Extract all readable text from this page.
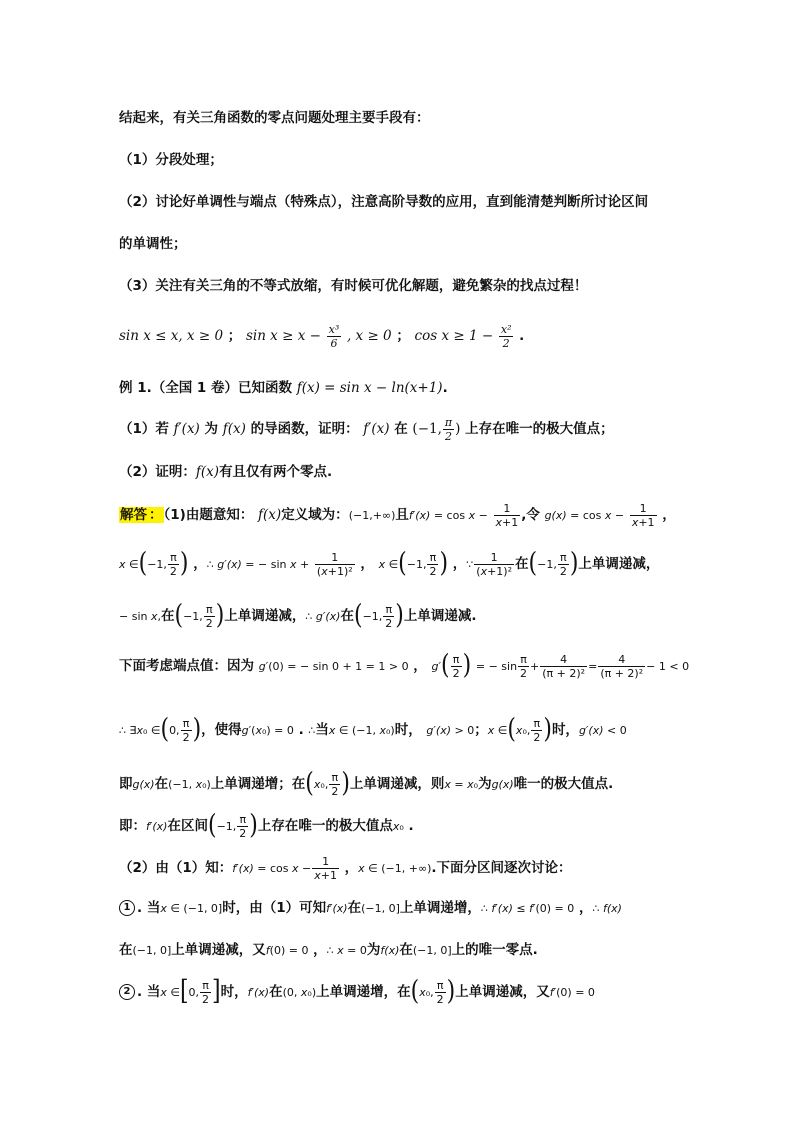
结起来，有关三角函数的零点问题处理主要手段有：
（1）分段处理；
（2）讨论好单调性与端点（特殊点），注意高阶导数的应用，直到能清楚判断所讨论区间
的单调性；
（3）关注有关三角的不等式放缩，有时候可优化解题，避免繁杂的找点过程！
sin x ≤ x, x ≥ 0 ； $\sin x \ge x - \frac{\text{x³}}{6}$ , x ≥ 0 ； $\cos x \ge 1 - \frac{\text{x²}}{2}$ .
例 1.（全国 1 卷）已知函数 f(x) = sin x − ln(x+1).
（1）若 f′(x) 为 f(x) 的导函数，证明： f′(x) 在 (−1, $\frac{\pi}{2}$ ) 上存在唯一的极大值点；
（2）证明：f(x)有且仅有两个零点.
解答 ：（1)由题意知： f(x)定义域为：(−1,+∞)且$f'(x) = \cos x - \frac{1}{x+1}$ ,令 $g(x) = \cos x - \frac{1}{x+1}$ ，
x ∈(−1, $\frac{\pi}{2}$ ) ，∴ g′(x) = − $\sin x + \frac{1}{\text{(x+1)²}}$ ， x ∈(−1, $\frac{\pi}{2}$ ) ，∵ $\frac{1}{\text{(x+1)²}}$ 在(−1, $\frac{\pi}{2}$ )上单调递减，
− sin x,在(−1, $\frac{\pi}{2}$ )上单调递减，∴ g′(x)在(−1, $\frac{\pi}{2}$ )上单调递减.
下面考虑端点值：因为 g′(0) = − sin 0 + 1 = 1 > 0 ， $g'( \frac{\pi}{2}$ ) = − $\sin \frac{\pi}{2} + \frac{4}{\text{(π + 2)²}} = \frac{4}{\text{(π + 2)²}} - 1 < 0$
∴ ∃x₀ ∈(0, $\frac{\pi}{2}$ )，使得g′(x₀) = 0 . ∴当x ∈ (−1, x₀)时， g′(x) > 0；x ∈(x₀, $\frac{\pi}{2}$ )时，g′(x) < 0
即g(x)在(−1, x₀)上单调递增；在(x₀, $\frac{\pi}{2}$ )上单调递减，则x = x₀为g(x)唯一的极大值点.
即：f′(x)在区间(−1, $\frac{\pi}{2}$ )上存在唯一的极大值点x₀ .
（2）由（1）知：$f'(x) = \cos x - \frac{1}{x+1}$ ，x ∈ (−1, +∞).下面分区间逐次讨论：
1 . 当x ∈ (−1, 0]时，由（1）可知f′(x)在(−1, 0]上单调递增，∴ f′(x) ≤ f′(0) = 0 ，∴ f(x)
在(−1, 0]上单调递减，又f(0) = 0 ，∴ x = 0为f(x)在(−1, 0]上的唯一零点.
2 . 当x ∈[0, $\frac{\pi}{2}$ ]时，f′(x)在(0, x₀)上单调递增，在(x₀, $\frac{\pi}{2}$ )上单调递减，又f′(0) = 0
